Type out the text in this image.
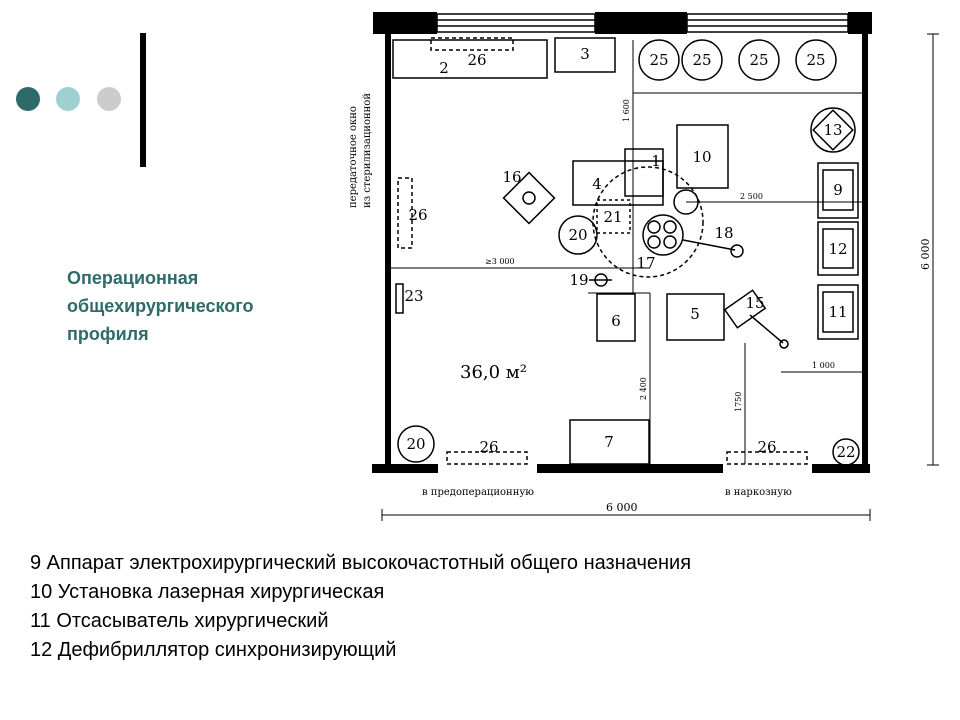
Операционная
общехирургического
профиля
25 25	25	25
2 26	3
13
10
1
4
16
9
21
20	18
12
26
17
19
23	15	11
6	5
7
20	26	26	22
36,0 м²
передаточное окно из стерилизационной
в предоперационную	в наркозную
6 000
6 000
1 600
2 500
≥3 000
2 400
1 000
1750
9 Аппарат электрохирургический высокочастотный общего назначения
10 Установка лазерная хирургическая
11 Отсасыватель хирургический
12 Дефибриллятор синхронизирующий
